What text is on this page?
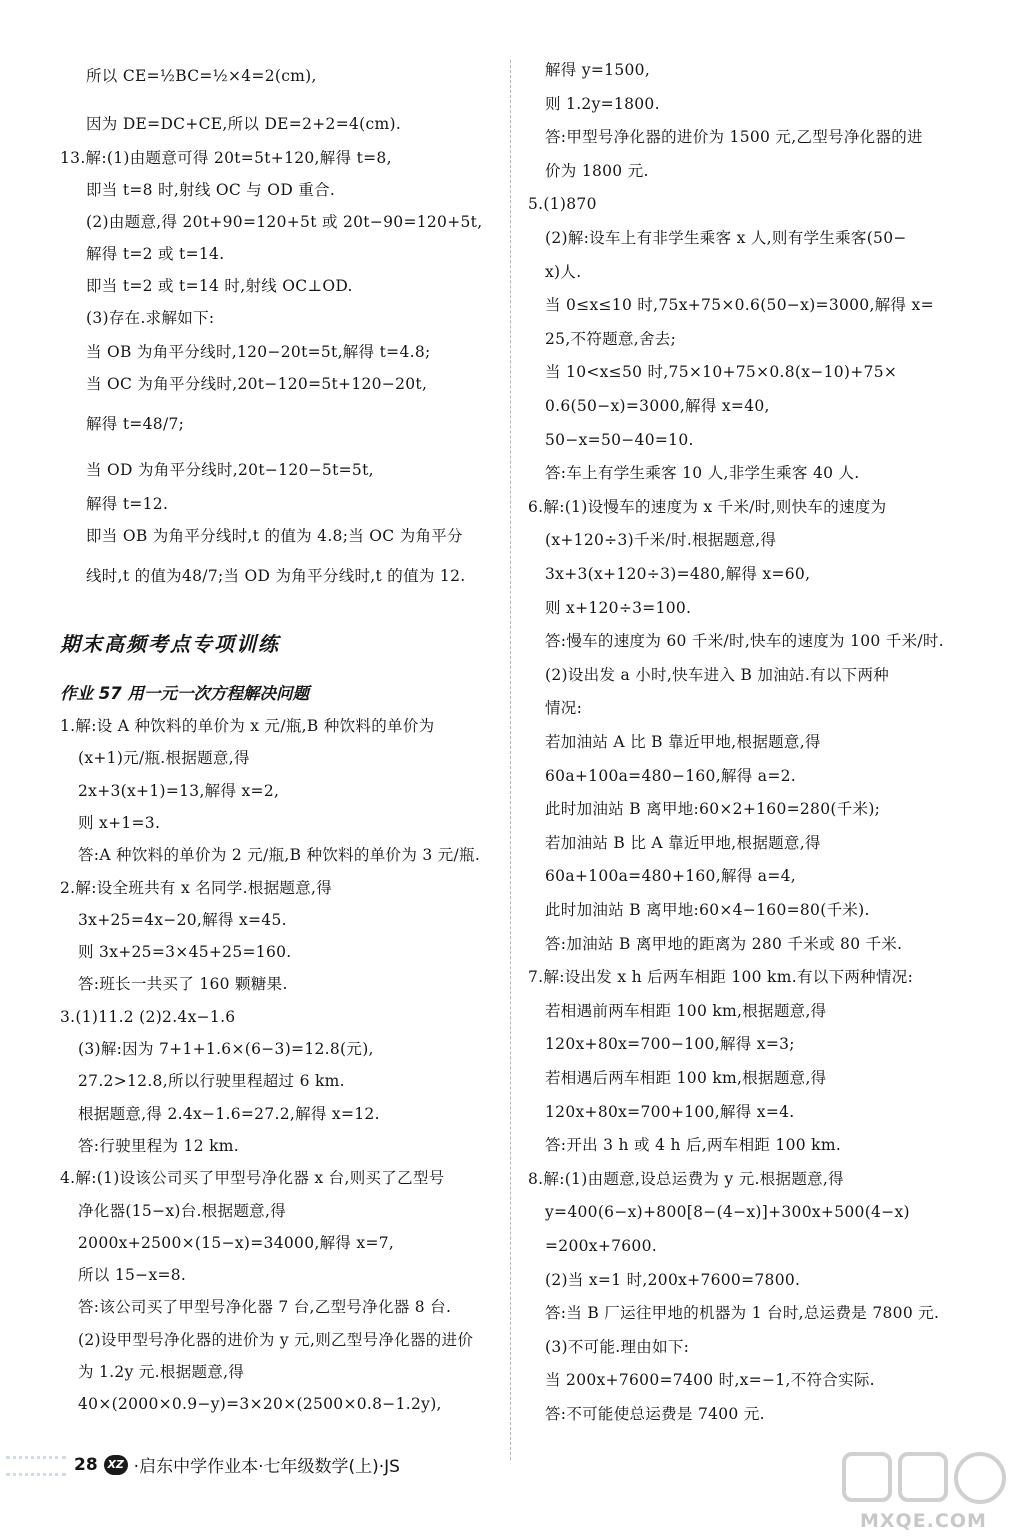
所以 CE=½BC=½×4=2(cm),
因为 DE=DC+CE,所以 DE=2+2=4(cm).
13.解:(1)由题意可得 20t=5t+120,解得 t=8,
即当 t=8 时,射线 OC 与 OD 重合.
(2)由题意,得 20t+90=120+5t 或 20t−90=120+5t,
解得 t=2 或 t=14.
即当 t=2 或 t=14 时,射线 OC⊥OD.
(3)存在.求解如下:
当 OB 为角平分线时,120−20t=5t,解得 t=4.8;
当 OC 为角平分线时,20t−120=5t+120−20t,
解得 t=48/7;
当 OD 为角平分线时,20t−120−5t=5t,
解得 t=12.
即当 OB 为角平分线时,t 的值为 4.8;当 OC 为角平分
线时,t 的值为48/7;当 OD 为角平分线时,t 的值为 12.
期末高频考点专项训练
作业 57 用一元一次方程解决问题
1.解:设 A 种饮料的单价为 x 元/瓶,B 种饮料的单价为
(x+1)元/瓶.根据题意,得
2x+3(x+1)=13,解得 x=2,
则 x+1=3.
答:A 种饮料的单价为 2 元/瓶,B 种饮料的单价为 3 元/瓶.
2.解:设全班共有 x 名同学.根据题意,得
3x+25=4x−20,解得 x=45.
则 3x+25=3×45+25=160.
答:班长一共买了 160 颗糖果.
3.(1)11.2 (2)2.4x−1.6
(3)解:因为 7+1+1.6×(6−3)=12.8(元),
27.2>12.8,所以行驶里程超过 6 km.
根据题意,得 2.4x−1.6=27.2,解得 x=12.
答:行驶里程为 12 km.
4.解:(1)设该公司买了甲型号净化器 x 台,则买了乙型号
净化器(15−x)台.根据题意,得
2000x+2500×(15−x)=34000,解得 x=7,
所以 15−x=8.
答:该公司买了甲型号净化器 7 台,乙型号净化器 8 台.
(2)设甲型号净化器的进价为 y 元,则乙型号净化器的进价
为 1.2y 元.根据题意,得
40×(2000×0.9−y)=3×20×(2500×0.8−1.2y),
解得 y=1500,
则 1.2y=1800.
答:甲型号净化器的进价为 1500 元,乙型号净化器的进
价为 1800 元.
5.(1)870
(2)解:设车上有非学生乘客 x 人,则有学生乘客(50−
x)人.
当 0≤x≤10 时,75x+75×0.6(50−x)=3000,解得 x=
25,不符题意,舍去;
当 10<x≤50 时,75×10+75×0.8(x−10)+75×
0.6(50−x)=3000,解得 x=40,
50−x=50−40=10.
答:车上有学生乘客 10 人,非学生乘客 40 人.
6.解:(1)设慢车的速度为 x 千米/时,则快车的速度为
(x+120÷3)千米/时.根据题意,得
3x+3(x+120÷3)=480,解得 x=60,
则 x+120÷3=100.
答:慢车的速度为 60 千米/时,快车的速度为 100 千米/时.
(2)设出发 a 小时,快车进入 B 加油站.有以下两种
情况:
若加油站 A 比 B 靠近甲地,根据题意,得
60a+100a=480−160,解得 a=2.
此时加油站 B 离甲地:60×2+160=280(千米);
若加油站 B 比 A 靠近甲地,根据题意,得
60a+100a=480+160,解得 a=4,
此时加油站 B 离甲地:60×4−160=80(千米).
答:加油站 B 离甲地的距离为 280 千米或 80 千米.
7.解:设出发 x h 后两车相距 100 km.有以下两种情况:
若相遇前两车相距 100 km,根据题意,得
120x+80x=700−100,解得 x=3;
若相遇后两车相距 100 km,根据题意,得
120x+80x=700+100,解得 x=4.
答:开出 3 h 或 4 h 后,两车相距 100 km.
8.解:(1)由题意,设总运费为 y 元.根据题意,得
y=400(6−x)+800[8−(4−x)]+300x+500(4−x)
=200x+7600.
(2)当 x=1 时,200x+7600=7800.
答:当 B 厂运往甲地的机器为 1 台时,总运费是 7800 元.
(3)不可能.理由如下:
当 200x+7600=7400 时,x=−1,不符合实际.
答:不可能使总运费是 7400 元.
28 XZ ·启东中学作业本·七年级数学(上)·JS
MXQE.COM
